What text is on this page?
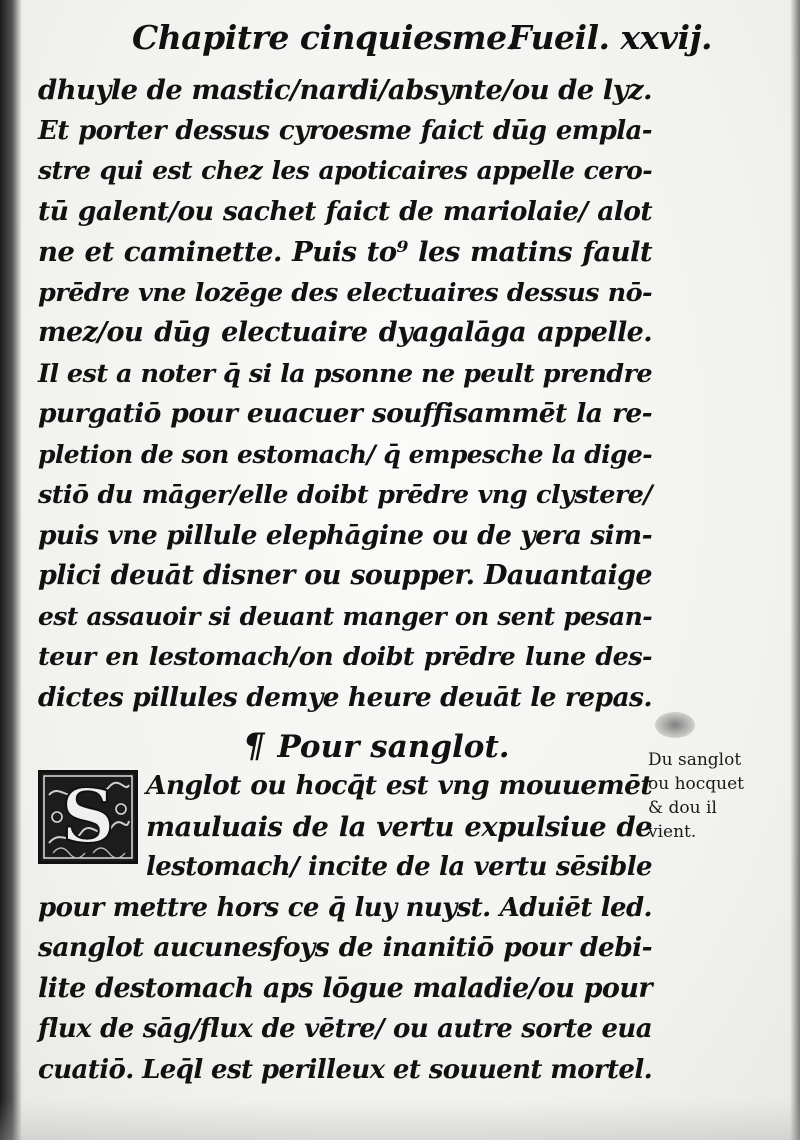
Chapitre cinquiesme.
Fueil. xxvij.
dhuyle de mastic/nardi/absynte/ou de lyz.
Et porter dessus cyroesme faict dūg empla-
stre qui est chez les apoticaires appelle cero-
tū galent/ou sachet faict de mariolaie/ alot
ne et caminette. Puis to⁹ les matins fault
prēdre vne lozēge des electuaires dessus nō-
mez/ou dūg electuaire dyagalāga appelle.
Il est a noter q̄ si la psonne ne peult prendre
purgatiō pour euacuer souffisammēt la re-
pletion de son estomach/ q̄ empesche la dige-
stiō du māger/elle doibt prēdre vng clystere/
puis vne pillule elephāgine ou de yera sim-
plici deuāt disner ou soupper. Dauantaige
est assauoir si deuant manger on sent pesan-
teur en lestomach/on doibt prēdre lune des-
dictes pillules demye heure deuāt le repas.
¶ Pour sanglot.
S	Anglot ou hocq̄t est vng mouuemēt
mauluais de la vertu expulsiue de
lestomach/ incite de la vertu sēsible
pour mettre hors ce q̄ luy nuyst. Aduiēt led.
sanglot aucunesfoys de inanitiō pour debi-
lite destomach aps lōgue maladie/ou pour
flux de sāg/flux de vētre/ ou autre sorte eua
cuatiō. Leq̄l est perilleux et souuent mortel.
Du sanglot
ou hocquet
& dou il
vient.
